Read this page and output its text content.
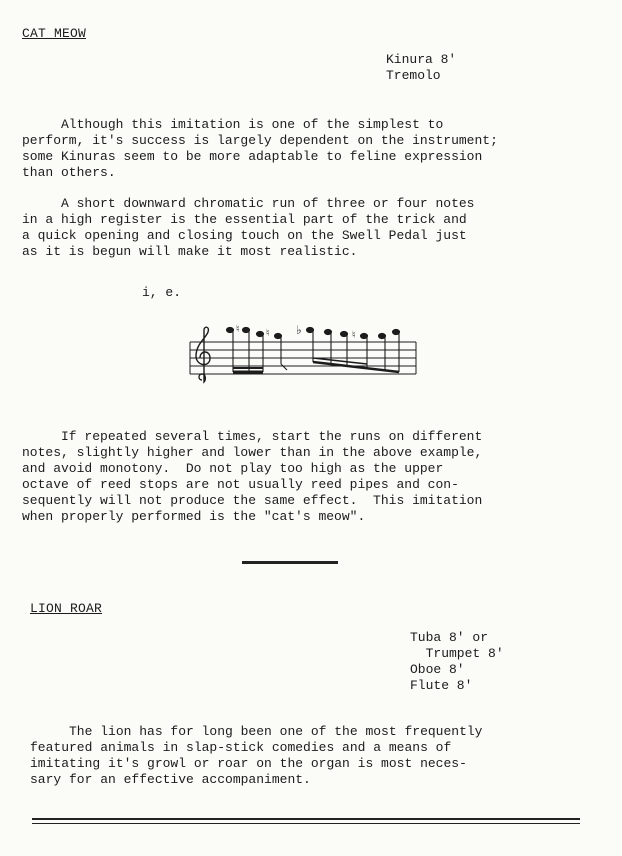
CAT MEOW
Kinura 8'
Tremolo
Although this imitation is one of the simplest to
perform, it's success is largely dependent on the instrument;
some Kinuras seem to be more adaptable to feline expression
than others.
A short downward chromatic run of three or four notes
in a high register is the essential part of the trick and
a quick opening and closing touch on the Swell Pedal just
as it is begun will make it most realistic.
i, e.
♮	♮ ♭	♮
If repeated several times, start the runs on different
notes, slightly higher and lower than in the above example,
and avoid monotony.  Do not play too high as the upper
octave of reed stops are not usually reed pipes and con-
sequently will not produce the same effect.  This imitation
when properly performed is the "cat's meow".
LION ROAR
Tuba 8' or
Trumpet 8'
Oboe 8'
Flute 8'
The lion has for long been one of the most frequently
featured animals in slap-stick comedies and a means of
imitating it's growl or roar on the organ is most neces-
sary for an effective accompaniment.
